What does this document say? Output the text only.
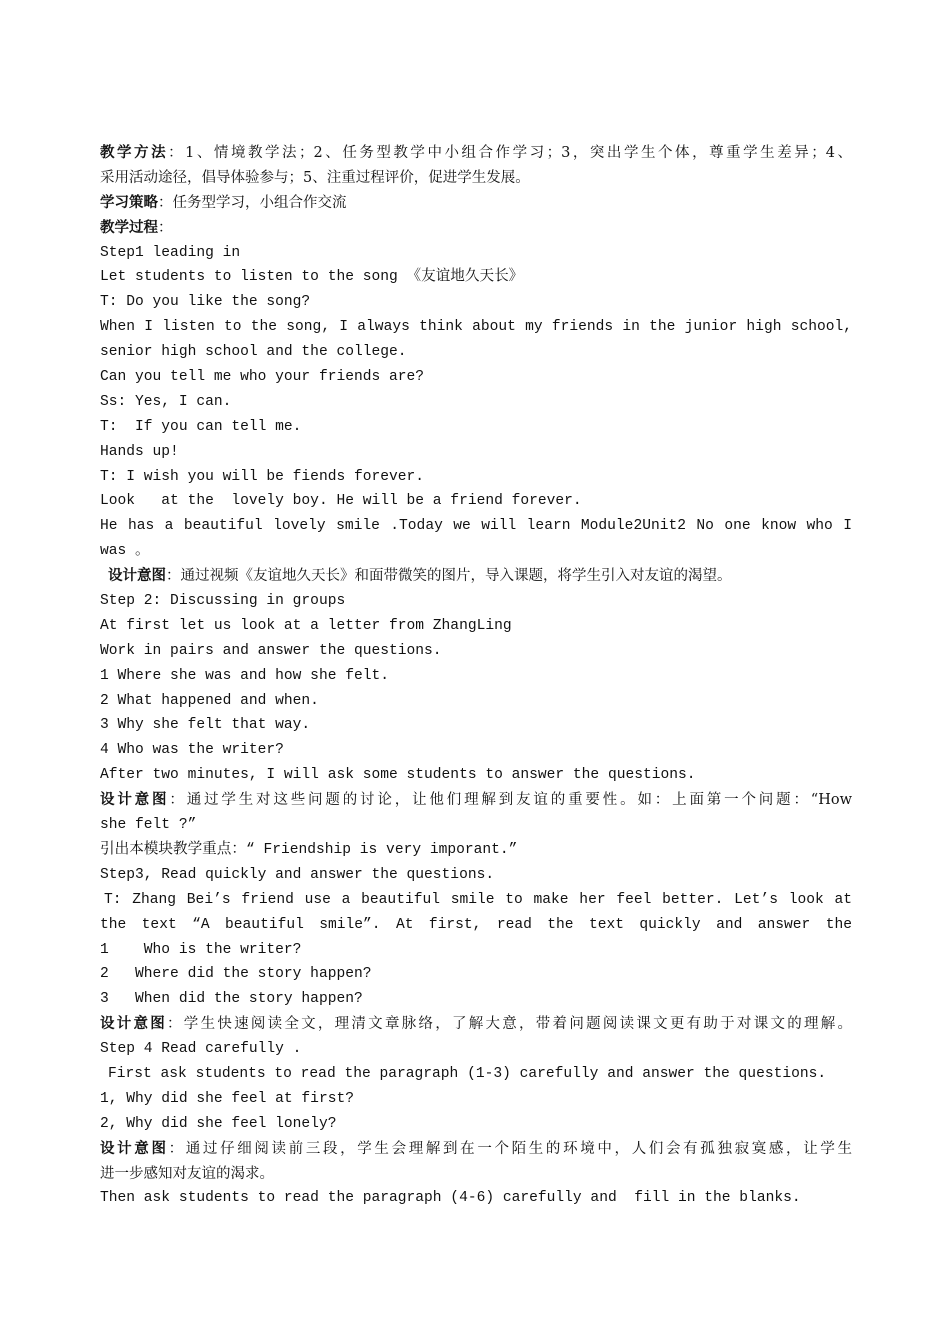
教学方法：1、情境教学法；2、任务型教学中小组合作学习；3，突出学生个体，尊重学生差异；4、
采用活动途径，倡导体验参与；5、注重过程评价，促进学生发展。
学习策略：任务型学习，小组合作交流
教学过程：
Step1 leading in
Let students to listen to the song 《友谊地久天长》
T: Do you like the song?
When I listen to the song, I always think about my friends in the junior high school,
senior high school and the college.
Can you tell me who your friends are?
Ss: Yes, I can.
T:  If you can tell me.
Hands up!
T: I wish you will be fiends forever.
Look   at the  lovely boy. He will be a friend forever.
He has a beautiful lovely smile .Today we will learn Module2Unit2 No one know who I
was 。
设计意图：通过视频《友谊地久天长》和面带微笑的图片，导入课题，将学生引入对友谊的渴望。
Step 2: Discussing in groups
At first let us look at a letter from ZhangLing
Work in pairs and answer the questions.
1 Where she was and how she felt.
2 What happened and when.
3 Why she felt that way.
4 Who was the writer?
After two minutes, I will ask some students to answer the questions.
设计意图：通过学生对这些问题的讨论，让他们理解到友谊的重要性。如：上面第一个问题：“How
she felt ?”
引出本模块教学重点：“ Friendship is very imporant.”
Step3, Read quickly and answer the questions.
T: Zhang Bei’s friend use a beautiful smile to make her feel better. Let’s look at
the text “A beautiful smile”. At first, read the text quickly and answer the
1    Who is the writer?
2   Where did the story happen?
3   When did the story happen?
设计意图：学生快速阅读全文，理清文章脉络，了解大意，带着问题阅读课文更有助于对课文的理解。
Step 4 Read carefully .
First ask students to read the paragraph (1-3) carefully and answer the questions.
1, Why did she feel at first?
2, Why did she feel lonely?
设计意图：通过仔细阅读前三段，学生会理解到在一个陌生的环境中，人们会有孤独寂寞感，让学生
进一步感知对友谊的渴求。
Then ask students to read the paragraph (4-6) carefully and  fill in the blanks.
